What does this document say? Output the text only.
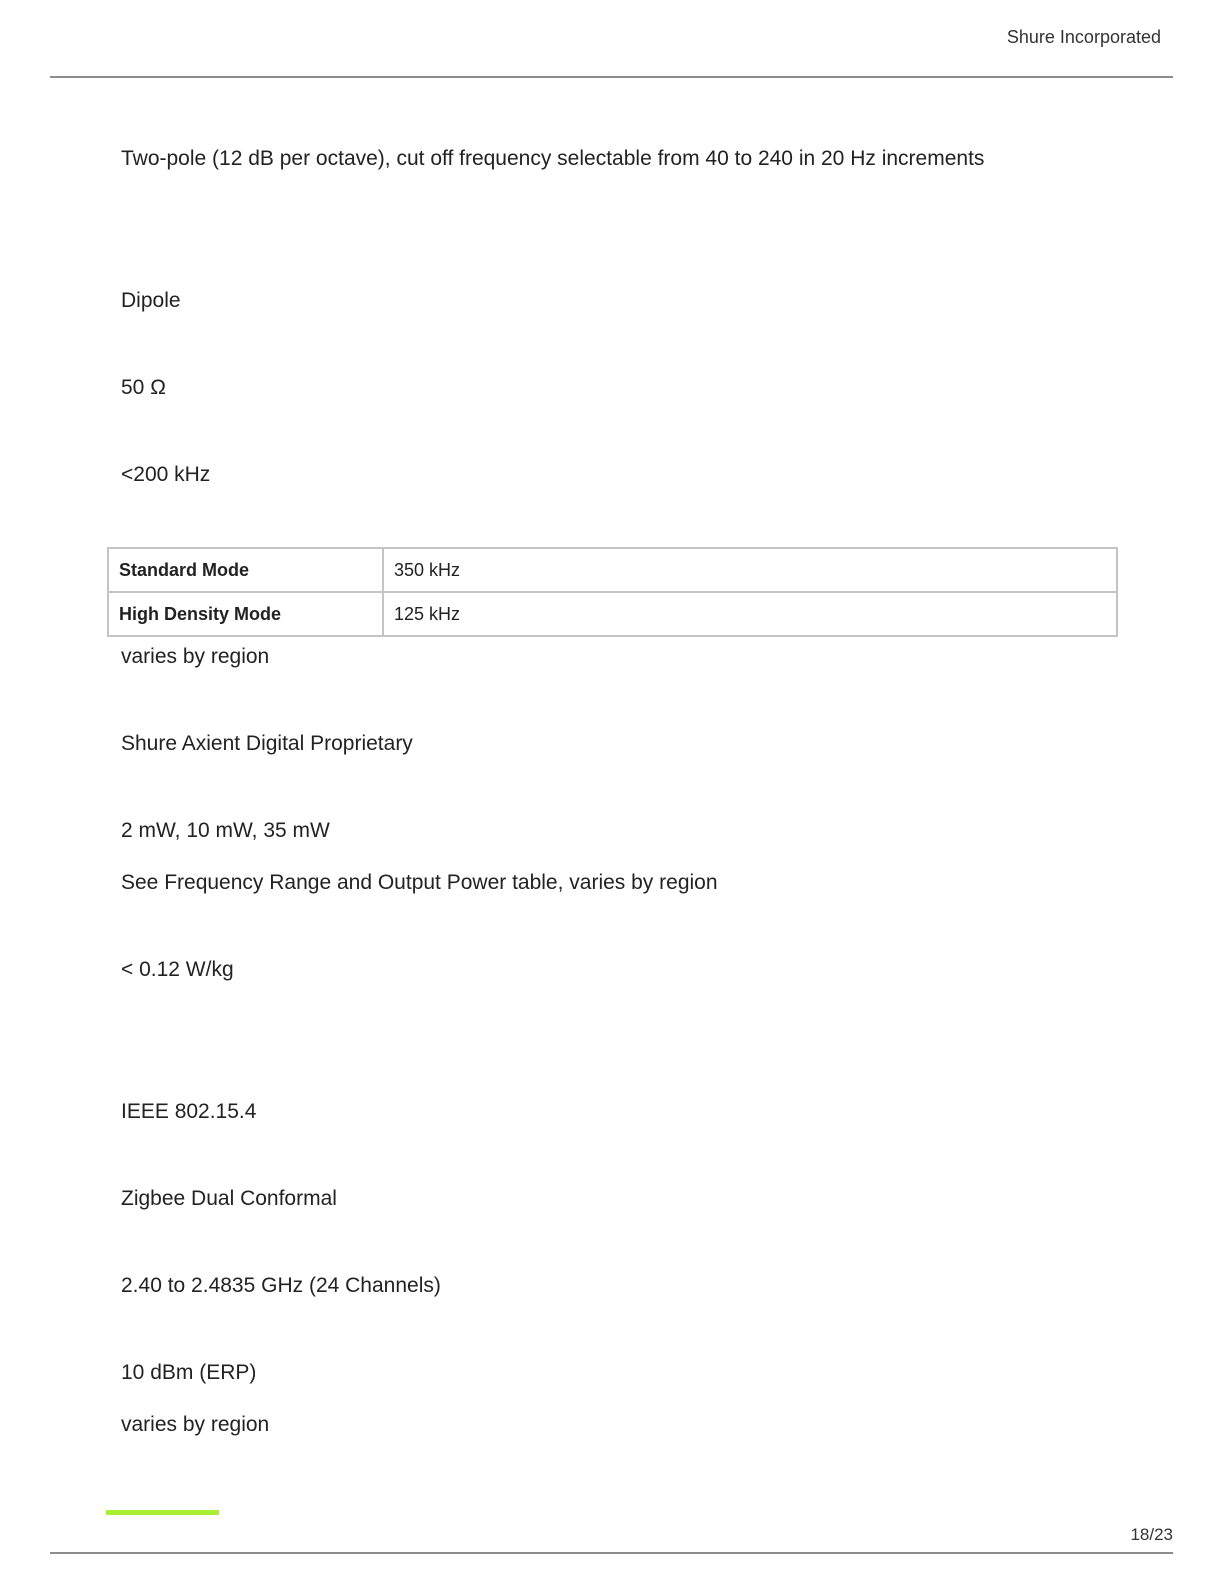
Shure Incorporated
Two-pole (12 dB per octave), cut off frequency selectable from 40 to 240 in 20 Hz increments
Dipole
50 Ω
<200 kHz
Standard Mode	350 kHz
High Density Mode	125 kHz
varies by region
Shure Axient Digital Proprietary
2 mW, 10 mW, 35 mW
See Frequency Range and Output Power table, varies by region
< 0.12 W/kg
IEEE 802.15.4
Zigbee Dual Conformal
2.40 to 2.4835 GHz (24 Channels)
10 dBm (ERP)
varies by region
18/23
